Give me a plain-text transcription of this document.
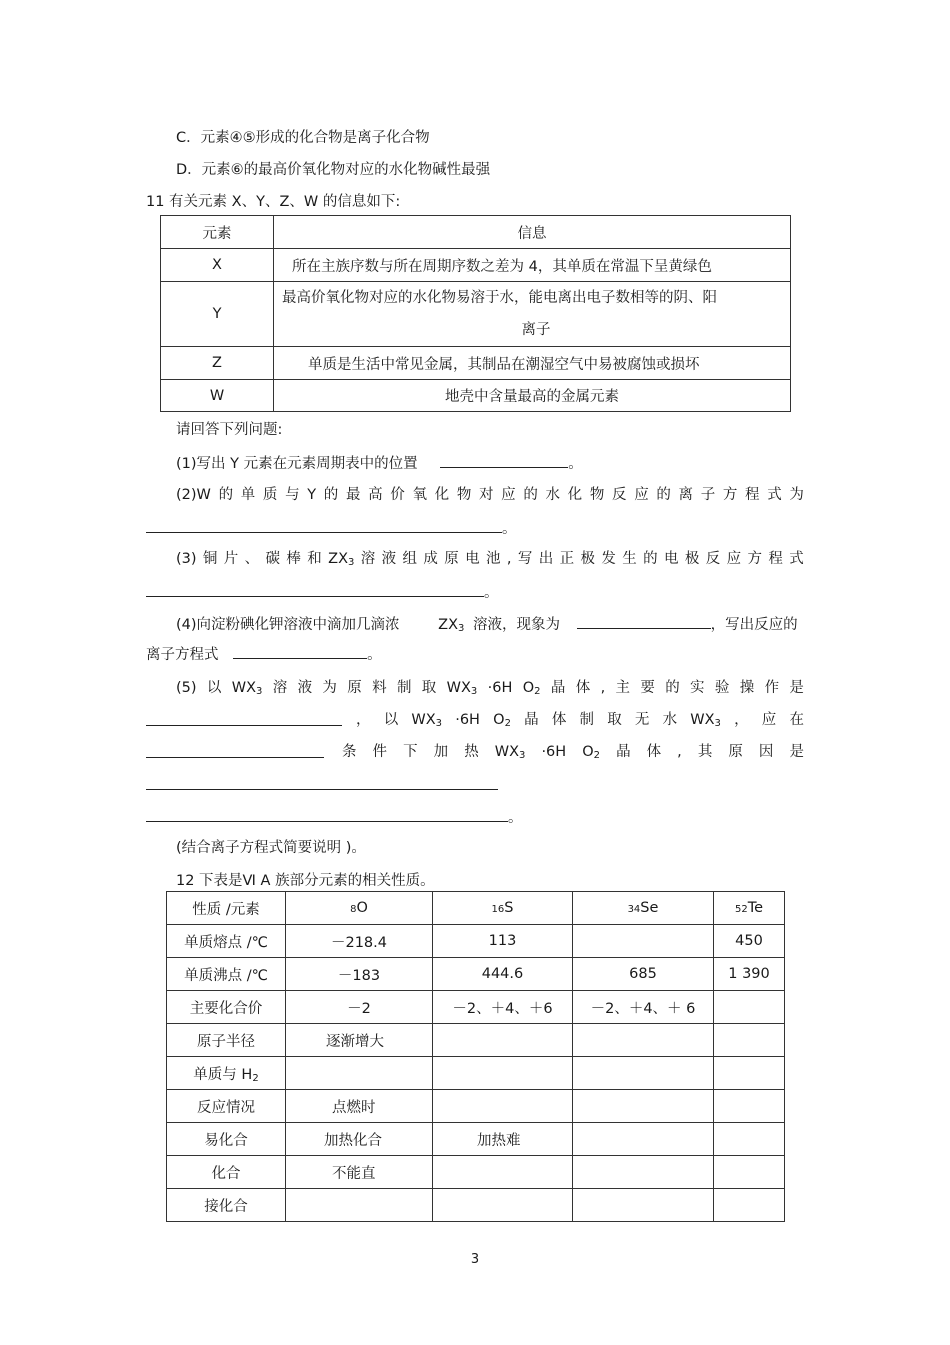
C．元素④⑤形成的化合物是离子化合物
D．元素⑥的最高价氧化物对应的水化物碱性最强
11 有关元素 X、Y、Z、W 的信息如下:
元素	信息
X	所在主族序数与所在周期序数之差为 4，其单质在常温下呈黄绿色
Y	最高价氧化物对应的水化物易溶于水，能电离出电子数相等的阴、阳
离子

Z	单质是生活中常见金属，其制品在潮湿空气中易被腐蚀或损坏
W	地壳中含量最高的金属元素
请回答下列问题:
(1)写出 Y 元素在元素周期表中的位置	。
(2)W 的 单 质 与 Y 的 最 高 价 氧 化 物 对 应 的 水 化 物 反 应 的 离 子 方 程 式 为
。
(3) 铜 片 、 碳 棒 和 $ZX_3$ 溶 液 组 成 原 电 池 , 写 出 正 极 发 生 的 电 极 反 应 方 程 式
。
(4)向淀粉碘化钾溶液中滴加几滴浓	$ZX_3$ 溶液，现象为	，写出反应的
离子方程式	。
(5) 以 $WX_3$ 溶 液 为 原 料 制 取 $WX_3 \cdot 6H$ $O_2$ 晶 体 , 主 要 的 实 验 操 作 是
， 以 $WX_3 \cdot 6H$ $O_2$ 晶 体 制 取 无 水 $WX_3$ ， 应 在
条 件 下 加 热 $WX_3 \cdot 6H$ $O_2$ 晶 体 , 其 原 因 是
。
(结合离子方程式简要说明 )。
12 下表是Ⅵ A 族部分元素的相关性质。
性质 /元素	8O	16S	34Se	52Te
单质熔点 /℃	－218.4	113		450
单质沸点 /℃	－183	444.6	685	1 390
主要化合价	－2	－2、＋4、＋6	－2、＋4、＋ 6	
原子半径	逐渐增大			
单质与 $H_2$				
反应情况	点燃时			
易化合	加热化合	加热难		
化合	不能直			
接化合				
3
